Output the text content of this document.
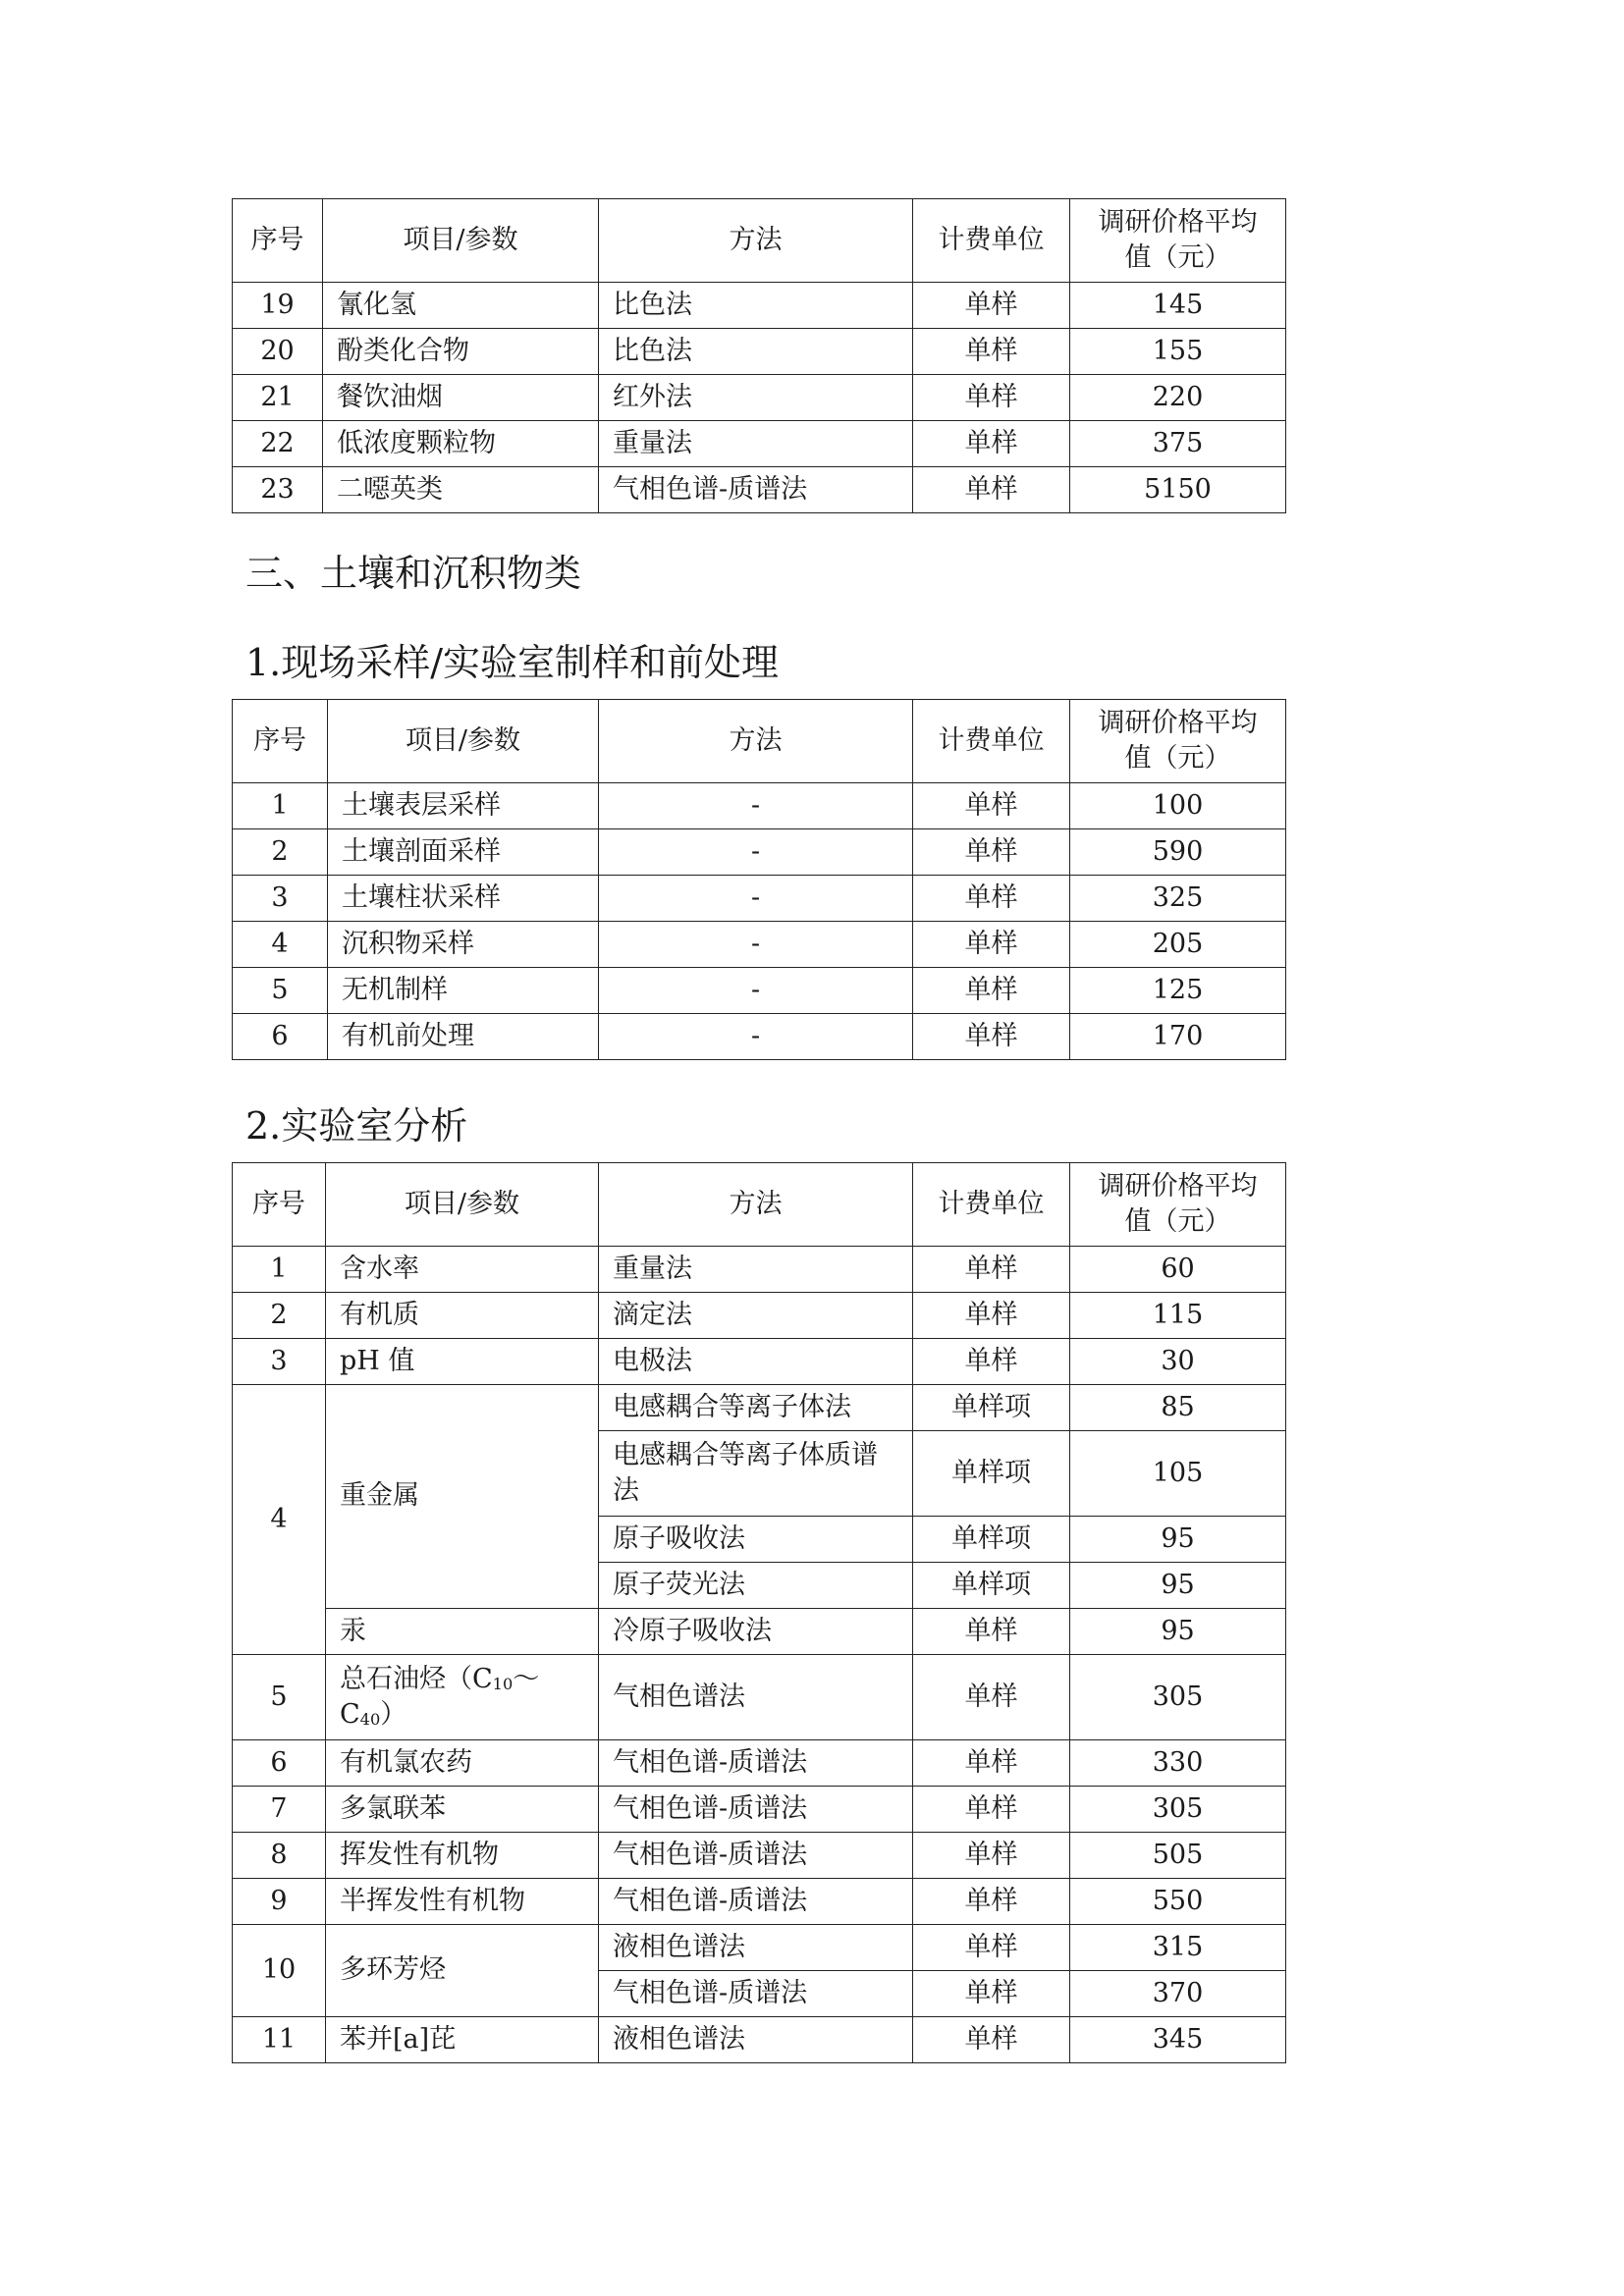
序号	项目/参数	方法	计费单位	调研价格平均值（元）
19	氰化氢	比色法	单样	145
20	酚类化合物	比色法	单样	155
21	餐饮油烟	红外法	单样	220
22	低浓度颗粒物	重量法	单样	375
23	二噁英类	气相色谱-质谱法	单样	5150
三、土壤和沉积物类
1.现场采样/实验室制样和前处理
序号	项目/参数	方法	计费单位	调研价格平均值（元）
1	土壤表层采样	-	单样	100
2	土壤剖面采样	-	单样	590
3	土壤柱状采样	-	单样	325
4	沉积物采样	-	单样	205
5	无机制样	-	单样	125
6	有机前处理	-	单样	170
2.实验室分析
序号	项目/参数	方法	计费单位	调研价格平均值（元）
1	含水率	重量法	单样	60
2	有机质	滴定法	单样	115
3	pH 值	电极法	单样	30
4	重金属	电感耦合等离子体法	单样项	85
		电感耦合等离子体质谱法	单样项	105
		原子吸收法	单样项	95
		原子荧光法	单样项	95
	汞	冷原子吸收法	单样	95
5	总石油烃$(C_{10}\sim C_{40})$	气相色谱法	单样	305
6	有机氯农药	气相色谱-质谱法	单样	330
7	多氯联苯	气相色谱-质谱法	单样	305
8	挥发性有机物	气相色谱-质谱法	单样	505
9	半挥发性有机物	气相色谱-质谱法	单样	550
10	多环芳烃	液相色谱法	单样	315
		气相色谱-质谱法	单样	370
11	苯并[a]芘	液相色谱法	单样	345
